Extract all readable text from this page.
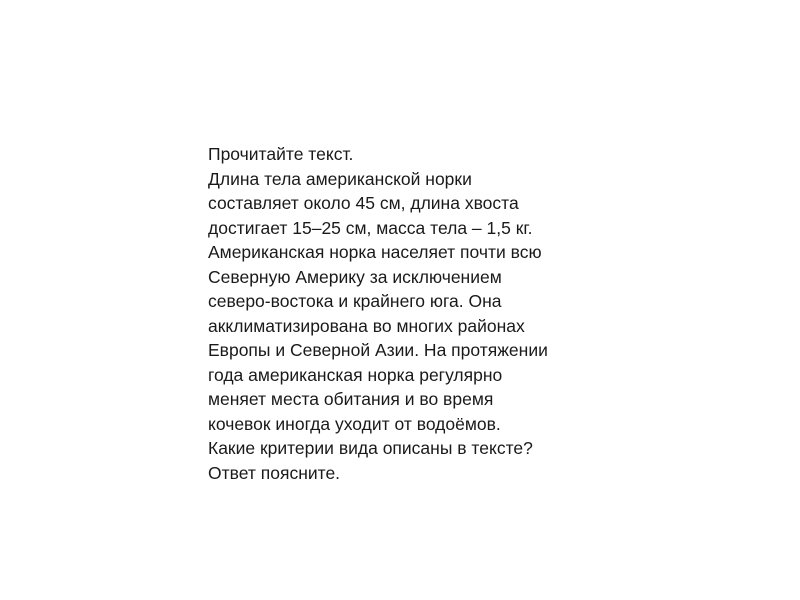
Прочитайте текст.
Длина тела американской норки
составляет около 45 см, длина хвоста
достигает 15–25 см, масса тела – 1,5 кг.
Американская норка населяет почти всю
Северную Америку за исключением
северо-востока и крайнего юга. Она
акклиматизирована во многих районах
Европы и Северной Азии. На протяжении
года американская норка регулярно
меняет места обитания и во время
кочевок иногда уходит от водоёмов.
Какие критерии вида описаны в тексте?
Ответ поясните.
